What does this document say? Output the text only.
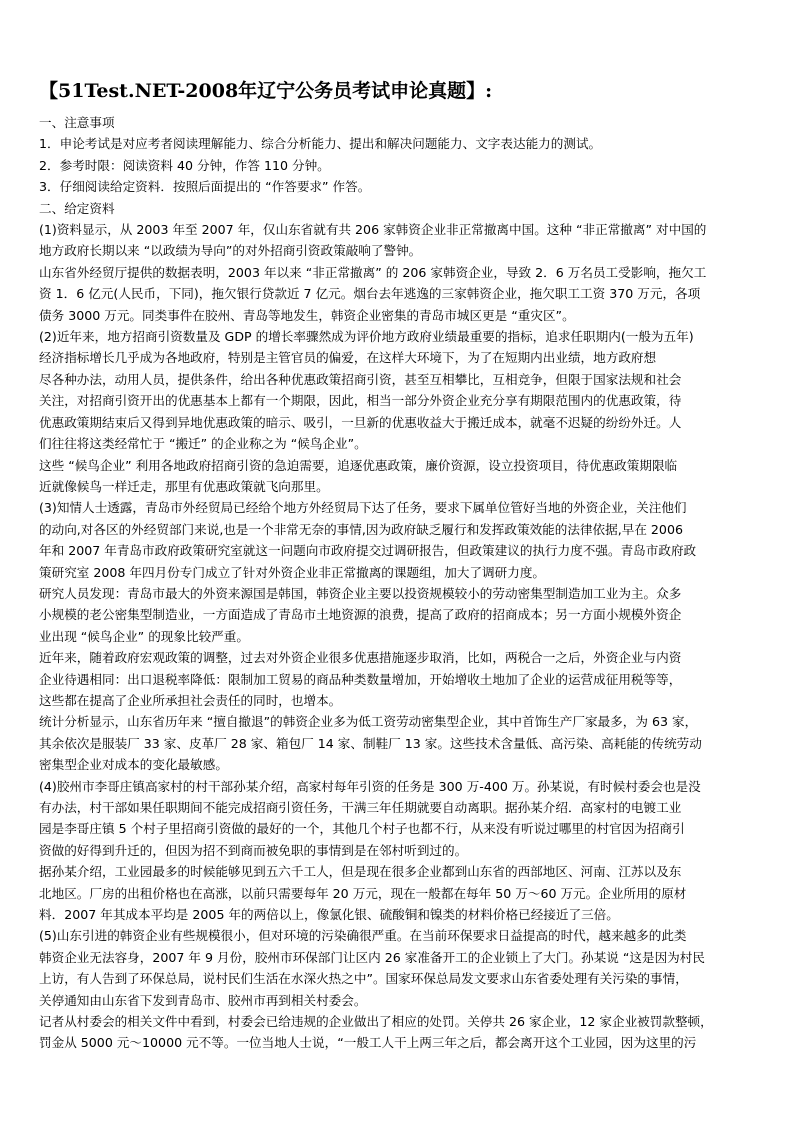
【51Test.NET-2008年辽宁公务员考试申论真题】:
一、注意事项
1．申论考试是对应考者阅读理解能力、综合分析能力、提出和解决问题能力、文字表达能力的测试。
2．参考时限：阅读资料 40 分钟，作答 110 分钟。
3．仔细阅读给定资料．按照后面提出的 “作答要求” 作答。
二、给定资料
(1)资料显示，从 2003 年至 2007 年，仅山东省就有共 206 家韩资企业非正常撤离中国。这种 “非正常撤离” 对中国的
地方政府长期以来 “以政绩为导向”的对外招商引资政策敲响了警钟。
山东省外经贸厅提供的数据表明，2003 年以来 “非正常撤离” 的 206 家韩资企业，导致 2．6 万名员工受影响，拖欠工
资 1．6 亿元(人民币，下同)，拖欠银行贷款近 7 亿元。烟台去年逃逸的三家韩资企业，拖欠职工工资 370 万元，各项
债务 3000 万元。同类事件在胶州、青岛等地发生，韩资企业密集的青岛市城区更是 “重灾区”。
(2)近年来，地方招商引资数量及 GDP 的增长率骤然成为评价地方政府业绩最重要的指标，追求任职期内(一般为五年)
经济指标增长几乎成为各地政府，特别是主管官员的偏爱，在这样大环境下，为了在短期内出业绩，地方政府想
尽各种办法，动用人员，提供条件，给出各种优惠政策招商引资，甚至互相攀比，互相竞争，但限于国家法规和社会
关注，对招商引资开出的优惠基本上都有一个期限，因此，相当一部分外资企业充分享有期限范围内的优惠政策，待
优惠政策期结束后又得到异地优惠政策的暗示、吸引，一旦新的优惠收益大于搬迁成本，就毫不迟疑的纷纷外迁。人
们往往将这类经常忙于 “搬迁” 的企业称之为 “候鸟企业”。
这些 “候鸟企业” 利用各地政府招商引资的急迫需要，追逐优惠政策，廉价资源，设立投资项目，待优惠政策期限临
近就像候鸟一样迁走，那里有优惠政策就飞向那里。
(3)知情人士透露，青岛市外经贸局已经给个地方外经贸局下达了任务，要求下属单位管好当地的外资企业，关注他们
的动向,对各区的外经贸部门来说,也是一个非常无奈的事情,因为政府缺乏履行和发挥政策效能的法律依据,早在 2006
年和 2007 年青岛市政府政策研究室就这一问题向市政府提交过调研报告，但政策建议的执行力度不强。青岛市政府政
策研究室 2008 年四月份专门成立了针对外资企业非正常撤离的课题组，加大了调研力度。
研究人员发现：青岛市最大的外资来源国是韩国，韩资企业主要以投资规模较小的劳动密集型制造加工业为主。众多
小规模的老公密集型制造业，一方面造成了青岛市土地资源的浪费，提高了政府的招商成本；另一方面小规模外资企
业出现 “候鸟企业” 的现象比较严重。
近年来，随着政府宏观政策的调整，过去对外资企业很多优惠措施逐步取消，比如，两税合一之后，外资企业与内资
企业待遇相同：出口退税率降低：限制加工贸易的商品种类数量增加，开始增收土地加了企业的运营成征用税等等，
这些都在提高了企业所承担社会责任的同时，也增本。
统计分析显示，山东省历年来 “擅自撤退”的韩资企业多为低工资劳动密集型企业，其中首饰生产厂家最多，为 63 家，
其余依次是服装厂 33 家、皮革厂 28 家、箱包厂 14 家、制鞋厂 13 家。这些技术含量低、高污染、高耗能的传统劳动
密集型企业对成本的变化最敏感。
(4)胶州市李哥庄镇高家村的村干部孙某介绍，高家村每年引资的任务是 300 万-400 万。孙某说，有时候村委会也是没
有办法，村干部如果任职期间不能完成招商引资任务，干满三年任期就要自动离职。据孙某介绍．高家村的电镀工业
园是李哥庄镇 5 个村子里招商引资做的最好的一个，其他几个村子也都不行，从来没有听说过哪里的村官因为招商引
资做的好得到升迁的，但因为招不到商而被免职的事情到是在邻村听到过的。
据孙某介绍，工业园最多的时候能够见到五六千工人，但是现在很多企业都到山东省的西部地区、河南、江苏以及东
北地区。厂房的出租价格也在高涨，以前只需要每年 20 万元，现在一般都在每年 50 万～60 万元。企业所用的原材
料．2007 年其成本平均是 2005 年的两倍以上，像氯化银、硫酸铜和镍类的材料价格已经接近了三倍。
(5)山东引进的韩资企业有些规模很小，但对环境的污染确很严重。在当前环保要求日益提高的时代，越来越多的此类
韩资企业无法容身，2007 年 9 月份，胶州市环保部门让区内 26 家准备开工的企业锁上了大门。孙某说 “这是因为村民
上访，有人告到了环保总局，说村民们生活在水深火热之中”。国家环保总局发文要求山东省委处理有关污染的事情，
关停通知由山东省下发到青岛市、胶州市再到相关村委会。
记者从村委会的相关文件中看到，村委会已给违规的企业做出了相应的处罚。关停共 26 家企业，12 家企业被罚款整顿，
罚金从 5000 元～10000 元不等。一位当地人士说，“一般工人干上两三年之后，都会离开这个工业园，因为这里的污
